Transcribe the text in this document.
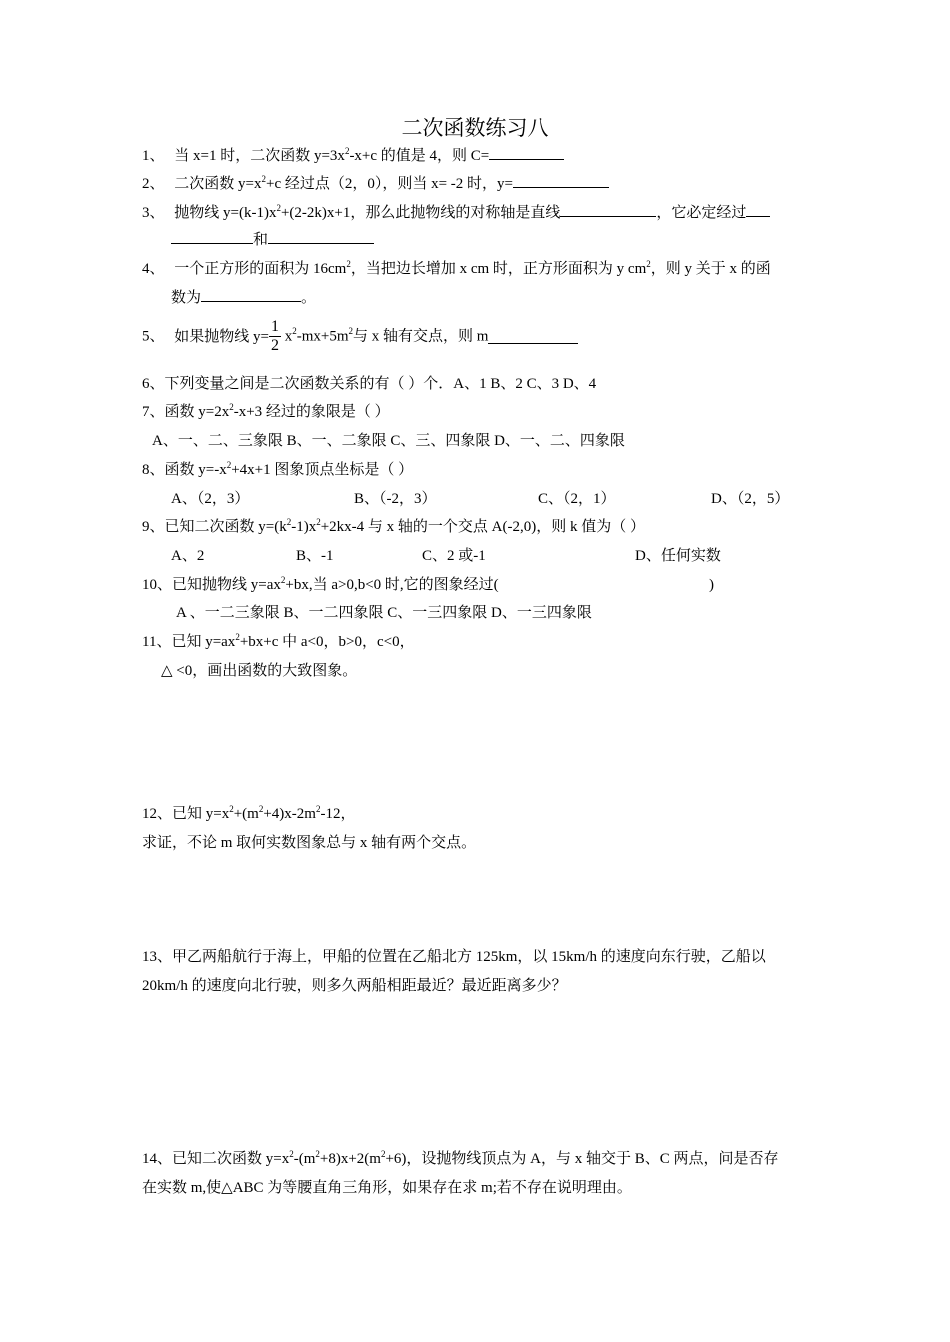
二次函数练习八
1、 当 x=1 时，二次函数 $y=3x^2-x+c$ 的值是 4，则 C=
2、 二次函数 $y=x^2+c$ 经过点（2，0），则当 x= -2 时，y=
3、 抛物线 $y=(k-1)x^2+(2-2k)x+1$，那么此抛物线的对称轴是直线	，它必定经过
和
4、 一个正方形的面积为 $16cm^2$，当把边长增加 x cm 时，正方形面积为 y $cm^2$，则 y 关于 x 的函
数为	。
5、 如果抛物线 $y= \frac{1}{2} x^2-mx+5m^2$与 x 轴有交点，则 m
6、下列变量之间是二次函数关系的有（ ）个．A、1 B、2 C、3 D、4
7、函数 $y=2x^2-x+3$ 经过的象限是（ ）
A、一、二、三象限 B、一、二象限 C、三、四象限 D、一、二、四象限
8、函数 $y=-x^2+4x+1$ 图象顶点坐标是（ ）
A、（2，3）	B、（-2，3）	C、（2，1）	D、（2，5）
9、已知二次函数 $y=(k^2-1)x^2+2kx-4$ 与 x 轴的一个交点 A(-2,0)，则 k 值为（ ）
A、2	B、-1	C、2 或-1	D、任何实数
10、已知抛物线 $y=ax^2+bx$,当 a>0,b<0 时,它的图象经过(	)
A 、一二三象限 B、一二四象限 C、一三四象限 D、一三四象限
11、已知 $y=ax^2+bx+c$ 中 a<0，b>0，c<0，
△ <0，画出函数的大致图象。
12、已知 $y=x^2+(m^2+4)x-2m^2-12$，
求证，不论 m 取何实数图象总与 x 轴有两个交点。
13、甲乙两船航行于海上，甲船的位置在乙船北方 125km，以 15km/h 的速度向东行驶，乙船以
20km/h 的速度向北行驶，则多久两船相距最近？最近距离多少？
14、已知二次函数 $y=x^2-(m^2+8)x+2(m^2+6)$，设抛物线顶点为 A，与 x 轴交于 B、C 两点，问是否存
在实数 m,使△ABC 为等腰直角三角形，如果存在求 m;若不存在说明理由。
